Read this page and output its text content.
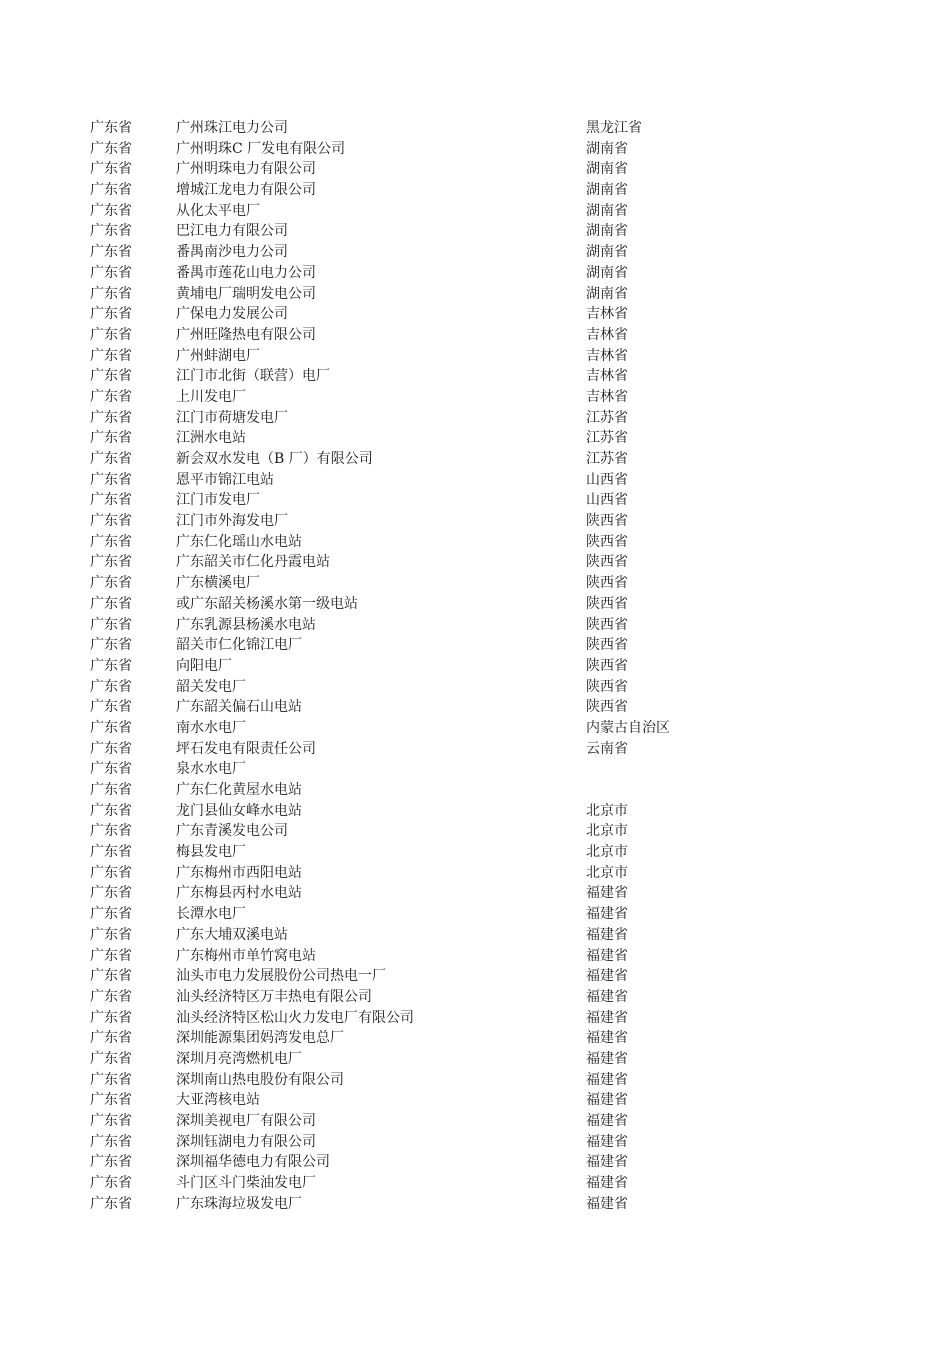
广东省	广州珠江电力公司	黑龙江省
广东省	广州明珠C 厂发电有限公司	湖南省
广东省	广州明珠电力有限公司	湖南省
广东省	增城江龙电力有限公司	湖南省
广东省	从化太平电厂	湖南省
广东省	巴江电力有限公司	湖南省
广东省	番禺南沙电力公司	湖南省
广东省	番禺市莲花山电力公司	湖南省
广东省	黄埔电厂瑞明发电公司	湖南省
广东省	广保电力发展公司	吉林省
广东省	广州旺隆热电有限公司	吉林省
广东省	广州蚌湖电厂	吉林省
广东省	江门市北街（联营）电厂	吉林省
广东省	上川发电厂	吉林省
广东省	江门市荷塘发电厂	江苏省
广东省	江洲水电站	江苏省
广东省	新会双水发电（B 厂）有限公司	江苏省
广东省	恩平市锦江电站	山西省
广东省	江门市发电厂	山西省
广东省	江门市外海发电厂	陕西省
广东省	广东仁化瑶山水电站	陕西省
广东省	广东韶关市仁化丹霞电站	陕西省
广东省	广东横溪电厂	陕西省
广东省	或广东韶关杨溪水第一级电站	陕西省
广东省	广东乳源县杨溪水电站	陕西省
广东省	韶关市仁化锦江电厂	陕西省
广东省	向阳电厂	陕西省
广东省	韶关发电厂	陕西省
广东省	广东韶关偏石山电站	陕西省
广东省	南水水电厂	内蒙古自治区
广东省	坪石发电有限责任公司	云南省
广东省	泉水水电厂
广东省	广东仁化黄屋水电站
广东省	龙门县仙女峰水电站	北京市
广东省	广东青溪发电公司	北京市
广东省	梅县发电厂	北京市
广东省	广东梅州市西阳电站	北京市
广东省	广东梅县丙村水电站	福建省
广东省	长潭水电厂	福建省
广东省	广东大埔双溪电站	福建省
广东省	广东梅州市单竹窝电站	福建省
广东省	汕头市电力发展股份公司热电一厂	福建省
广东省	汕头经济特区万丰热电有限公司	福建省
广东省	汕头经济特区松山火力发电厂有限公司	福建省
广东省	深圳能源集团妈湾发电总厂	福建省
广东省	深圳月亮湾燃机电厂	福建省
广东省	深圳南山热电股份有限公司	福建省
广东省	大亚湾核电站	福建省
广东省	深圳美视电厂有限公司	福建省
广东省	深圳钰湖电力有限公司	福建省
广东省	深圳福华德电力有限公司	福建省
广东省	斗门区斗门柴油发电厂	福建省
广东省	广东珠海垃圾发电厂	福建省
